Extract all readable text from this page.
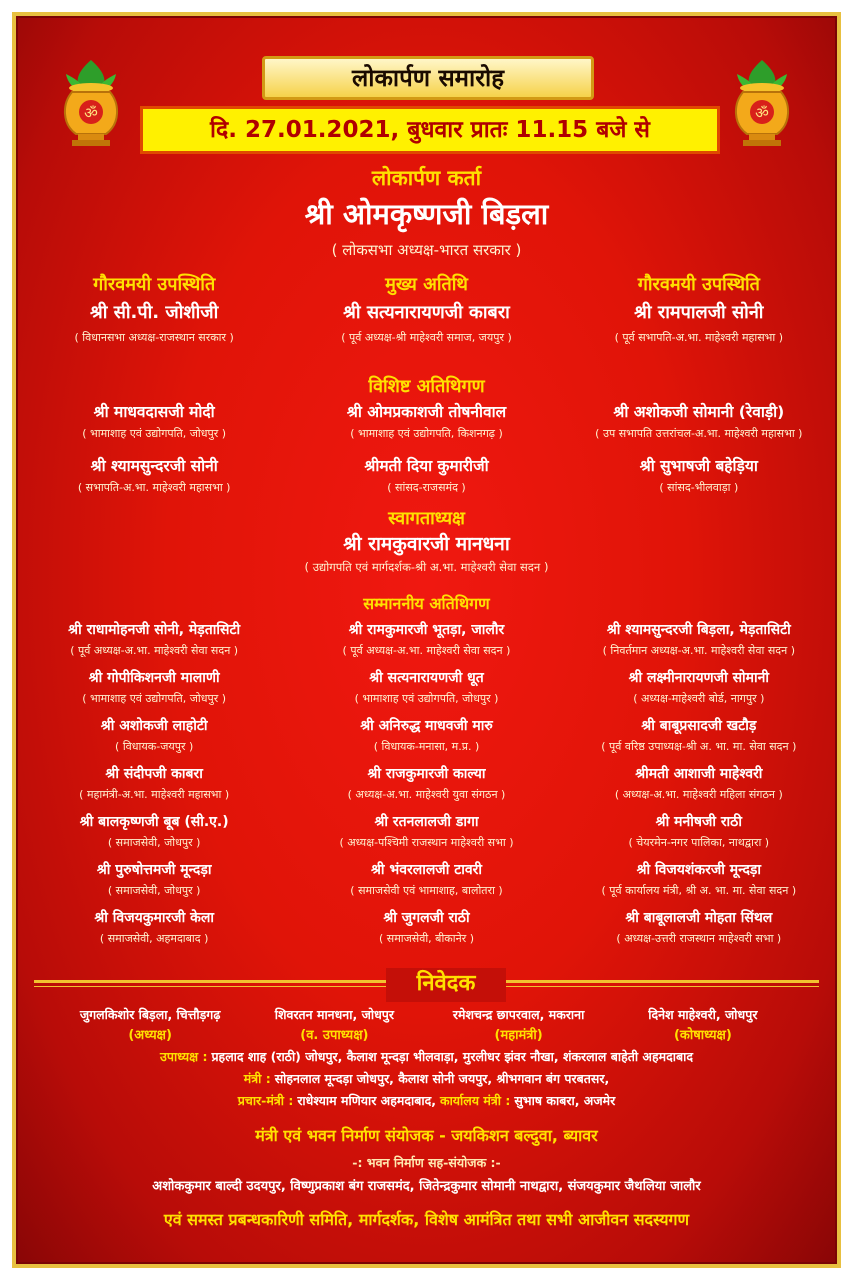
ॐ	ॐ
लोकार्पण समारोह
दि. 27.01.2021, बुधवार प्रातः 11.15 बजे से
लोकार्पण कर्ता
श्री ओमकृष्णजी बिड़ला
( लोकसभा अध्यक्ष-भारत सरकार )
गौरवमयी उपस्थिति
श्री सी.पी. जोशीजी
( विधानसभा अध्यक्ष-राजस्थान सरकार )
मुख्य अतिथि
श्री सत्यनारायणजी काबरा
( पूर्व अध्यक्ष-श्री माहेश्वरी समाज, जयपुर )
गौरवमयी उपस्थिति
श्री रामपालजी सोनी
( पूर्व सभापति-अ.भा. माहेश्वरी महासभा )
विशिष्ट अतिथिगण
श्री माधवदासजी मोदी
( भामाशाह एवं उद्योगपति, जोधपुर )
श्री ओमप्रकाशजी तोषनीवाल
( भामाशाह एवं उद्योगपति, किशनगढ़ )
श्री अशोकजी सोमानी (रेवाड़ी)
( उप सभापति उत्तरांचल-अ.भा. माहेश्वरी महासभा )
श्री श्यामसुन्दरजी सोनी
( सभापति-अ.भा. माहेश्वरी महासभा )
श्रीमती दिया कुमारीजी
( सांसद-राजसमंद )
श्री सुभाषजी बहेड़िया
( सांसद-भीलवाड़ा )
स्वागताध्यक्ष
श्री रामकुवारजी मानधना
( उद्योगपति एवं मार्गदर्शक-श्री अ.भा. माहेश्वरी सेवा सदन )
सम्माननीय अतिथिगण
श्री राधामोहनजी सोनी, मेड़तासिटी
( पूर्व अध्यक्ष-अ.भा. माहेश्वरी सेवा सदन )
श्री रामकुमारजी भूतड़ा, जालौर
( पूर्व अध्यक्ष-अ.भा. माहेश्वरी सेवा सदन )
श्री श्यामसुन्दरजी बिड़ला, मेड़तासिटी
( निवर्तमान अध्यक्ष-अ.भा. माहेश्वरी सेवा सदन )
श्री गोपीकिशनजी मालाणी
( भामाशाह एवं उद्योगपति, जोधपुर )
श्री सत्यनारायणजी धूत
( भामाशाह एवं उद्योगपति, जोधपुर )
श्री लक्ष्मीनारायणजी सोमानी
( अध्यक्ष-माहेश्वरी बोर्ड, नागपुर )
श्री अशोकजी लाहोटी
( विधायक-जयपुर )
श्री अनिरुद्ध माधवजी मारु
( विधायक-मनासा, म.प्र. )
श्री बाबूप्रसादजी खटौड़
( पूर्व वरिष्ठ उपाध्यक्ष-श्री अ. भा. मा. सेवा सदन )
श्री संदीपजी काबरा
( महामंत्री-अ.भा. माहेश्वरी महासभा )
श्री राजकुमारजी काल्या
( अध्यक्ष-अ.भा. माहेश्वरी युवा संगठन )
श्रीमती आशाजी माहेश्वरी
( अध्यक्ष-अ.भा. माहेश्वरी महिला संगठन )
श्री बालकृष्णजी बूब (सी.ए.)
( समाजसेवी, जोधपुर )
श्री रतनलालजी डागा
( अध्यक्ष-पश्चिमी राजस्थान माहेश्वरी सभा )
श्री मनीषजी राठी
( चेयरमेन-नगर पालिका, नाथद्वारा )
श्री पुरुषोत्तमजी मून्दड़ा
( समाजसेवी, जोधपुर )
श्री भंवरलालजी टावरी
( समाजसेवी एवं भामाशाह, बालोतरा )
श्री विजयशंकरजी मून्दड़ा
( पूर्व कार्यालय मंत्री, श्री अ. भा. मा. सेवा सदन )
श्री विजयकुमारजी केला
( समाजसेवी, अहमदाबाद )
श्री जुगलजी राठी
( समाजसेवी, बीकानेर )
श्री बाबूलालजी मोहता सिंथल
( अध्यक्ष-उत्तरी राजस्थान माहेश्वरी सभा )
निवेदक
जुगलकिशोर बिड़ला, चित्तौड़गढ़
(अध्यक्ष)
शिवरतन मानधना, जोधपुर
(व. उपाध्यक्ष)
रमेशचन्द्र छापरवाल, मकराना
(महामंत्री)
दिनेश माहेश्वरी, जोधपुर
(कोषाध्यक्ष)
उपाध्यक्ष : प्रहलाद शाह (राठी) जोधपुर, कैलाश मून्दड़ा भीलवाड़ा, मुरलीधर झंवर नौखा, शंकरलाल बाहेती अहमदाबाद
मंत्री : सोहनलाल मून्दड़ा जोधपुर, कैलाश सोनी जयपुर, श्रीभगवान बंग परबतसर,
प्रचार-मंत्री : राधेश्याम मणियार अहमदाबाद, कार्यालय मंत्री : सुभाष काबरा, अजमेर
मंत्री एवं भवन निर्माण संयोजक - जयकिशन बल्दुवा, ब्यावर
-: भवन निर्माण सह-संयोजक :-
अशोककुमार बाल्दी उदयपुर, विष्णुप्रकाश बंग राजसमंद, जितेन्द्रकुमार सोमानी नाथद्वारा, संजयकुमार जैथलिया जालौर
एवं समस्त प्रबन्धकारिणी समिति, मार्गदर्शक, विशेष आमंत्रित तथा सभी आजीवन सदस्यगण
